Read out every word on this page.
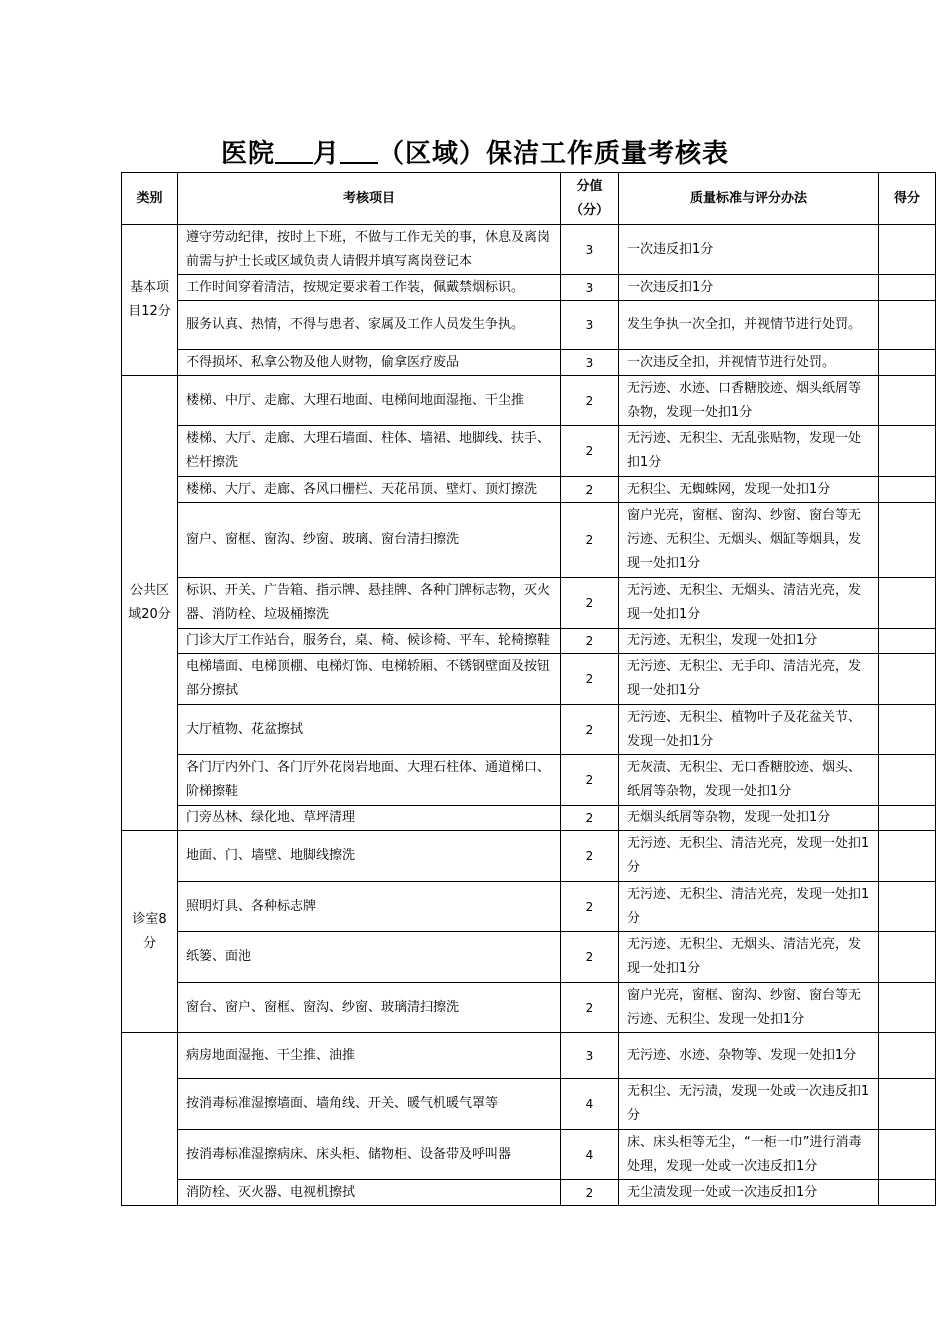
医院 月 （区域）保洁工作质量考核表
类别	考核项目	分值（分）	质量标准与评分办法	得分
基本项目12分	遵守劳动纪律，按时上下班，不做与工作无关的事，休息及离岗前需与护士长或区域负责人请假并填写离岗登记本	3	一次违反扣1分	
	工作时间穿着清洁，按规定要求着工作装，佩戴禁烟标识。	3	一次违反扣1分	
	服务认真、热情，不得与患者、家属及工作人员发生争执。	3	发生争执一次全扣，并视情节进行处罚。	
	不得损坏、私拿公物及他人财物，偷拿医疗废品	3	一次违反全扣，并视情节进行处罚。	
公共区域20分	楼梯、中厅、走廊、大理石地面、电梯间地面湿拖、干尘推	2	无污迹、水迹、口香糖胶迹、烟头纸屑等杂物，发现一处扣1分	
	楼梯、大厅、走廊、大理石墙面、柱体、墙裙、地脚线、扶手、栏杆擦洗	2	无污迹、无积尘、无乱张贴物，发现一处扣1分	
	楼梯、大厅、走廊、各风口栅栏、天花吊顶、壁灯、顶灯擦洗	2	无积尘、无蜘蛛网，发现一处扣1分	
	窗户、窗框、窗沟、纱窗、玻璃、窗台清扫擦洗	2	窗户光亮，窗框、窗沟、纱窗、窗台等无污迹、无积尘、无烟头、烟缸等烟具，发现一处扣1分	
	标识、开关、广告箱、指示牌、悬挂牌、各种门牌标志物，灭火器、消防栓、垃圾桶擦洗	2	无污迹、无积尘、无烟头、清洁光亮，发现一处扣1分	
	门诊大厅工作站台，服务台，桌、椅、候诊椅、平车、轮椅擦鞋	2	无污迹、无积尘，发现一处扣1分	
	电梯墙面、电梯顶棚、电梯灯饰、电梯轿厢、不锈钢壁面及按钮部分擦拭	2	无污迹、无积尘、无手印、清洁光亮，发现一处扣1分	
	大厅植物、花盆擦拭	2	无污迹、无积尘、植物叶子及花盆关节、发现一处扣1分	
	各门厅内外门、各门厅外花岗岩地面、大理石柱体、通道梯口、阶梯擦鞋	2	无灰渍、无积尘、无口香糖胶迹、烟头、纸屑等杂物，发现一处扣1分	
	门旁丛林、绿化地、草坪清理	2	无烟头纸屑等杂物，发现一处扣1分	
诊室8分	地面、门、墙壁、地脚线擦洗	2	无污迹、无积尘、清洁光亮，发现一处扣1分	
	照明灯具、各种标志牌	2	无污迹、无积尘、清洁光亮，发现一处扣1分	
	纸篓、面池	2	无污迹、无积尘、无烟头、清洁光亮，发现一处扣1分	
	窗台、窗户、窗框、窗沟、纱窗、玻璃清扫擦洗	2	窗户光亮，窗框、窗沟、纱窗、窗台等无污迹、无积尘、发现一处扣1分	
	病房地面湿拖、干尘推、油推	3	无污迹、水迹、杂物等、发现一处扣1分	
	按消毒标准湿擦墙面、墙角线、开关、暖气机暖气罩等	4	无积尘、无污渍，发现一处或一次违反扣1分	
	按消毒标准湿擦病床、床头柜、储物柜、设备带及呼叫器	4	床、床头柜等无尘，“一柜一巾”进行消毒处理，发现一处或一次违反扣1分	
	消防栓、灭火器、电视机擦拭	2	无尘渍发现一处或一次违反扣1分	
